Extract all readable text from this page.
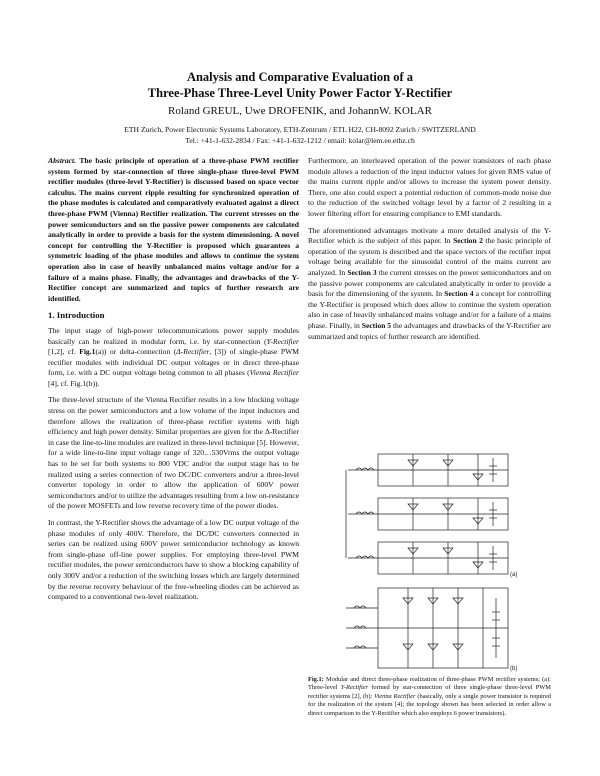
Analysis and Comparative Evaluation of a
Three-Phase Three-Level Unity Power Factor Y-Rectifier
Roland GREUL, Uwe DROFENIK, and JohannW. KOLAR
ETH Zurich, Power Electronic Systems Laboratory, ETH-Zentrum / ETL H22, CH-8092 Zurich / SWITZERLAND
Tel.: +41-1-632-2834 / Fax: +41-1-632-1212 / email: kolar@lem.ee.ethz.ch

Abstract. The basic principle of operation of a three-phase PWM rectifier system formed by star-connection of three single-phase three-level PWM rectifier modules (three-level Y-Rectifier) is discussed based on space vector calculus. The mains current ripple resulting for synchronized operation of the phase modules is calculated and comparatively evaluated against a direct three-phase PWM (Vienna) Rectifier realization. The current stresses on the power semiconductors and on the passive power components are calculated analytically in order to provide a basis for the system dimensioning. A novel concept for controlling the Y-Rectifier is proposed which guarantees a symmetric loading of the phase modules and allows to continue the system operation also in case of heavily unbalanced mains voltage and/or for a failure of a mains phase. Finally, the advantages and drawbacks of the Y-Rectifier concept are summarized and topics of further research are identified.

1. Introduction

The input stage of high-power telecommunications power supply modules basically can be realized in modular form, i.e. by star-connection (Y-Rectifier [1,2], cf. Fig.1(a)) or delta-connection (Δ-Rectifier, [3]) of single-phase PWM rectifier modules with individual DC output voltages or in direct three-phase form, i.e. with a DC output voltage being common to all phases (Vienna Rectifier [4], cf. Fig.1(b)).

The three-level structure of the Vienna Rectifier results in a low blocking voltage stress on the power semiconductors and a low volume of the input inductors and therefore allows the realization of three-phase rectifier systems with high efficiency and high power density. Similar properties are given for the Δ-Rectifier in case the line-to-line modules are realized in three-level technique [5]. However, for a wide line-to-line input voltage range of 320…530Vrms the output voltage has to be set for both systems to 800 VDC and/or the output stage has to be realized using a series connection of two DC/DC converters and/or a three-level converter topology in order to allow the application of 600V power semiconductors and/or to utilize the advantages resulting from a low on-resistance of the power MOSFETs and low reverse recovery time of the power diodes.

In contrast, the Y-Rectifier shows the advantage of a low DC output voltage of the phase modules of only 400V. Therefore, the DC/DC converters connected in series can be realized using 600V power semiconductor technology as known from single-phase off-line power supplies. For employing three-level PWM rectifier modules, the power semiconductors have to show a blocking capability of only 300V and/or a reduction of the switching losses which are largely determined by the reverse recovery behaviour of the free-wheeling diodes can be achieved as compared to a conventional two-level realization.

Furthermore, an interleaved operation of the power transistors of each phase module allows a reduction of the input inductor values for given RMS value of the mains current ripple and/or allows to increase the system power density. There, one also could expect a potential reduction of common-mode noise due to the reduction of the switched voltage level by a factor of 2 resulting in a lower filtering effort for ensuring compliance to EMI standards.

The aforementioned advantages motivate a more detailed analysis of the Y-Rectifier which is the subject of this paper. In Section 2 the basic principle of operation of the system is described and the space vectors of the rectifier input voltage being available for the sinusoidal control of the mains current are analyzed. In Section 3 the current stresses on the power semiconductors and on the passive power components are calculated analytically in order to provide a basis for the dimensioning of the system. In Section 4 a concept for controlling the Y-Rectifier is proposed which does allow to continue the system operation also in case of heavily unbalanced mains voltage and/or for a failure of a mains phase. Finally, in Section 5 the advantages and drawbacks of the Y-Rectifier are summarized and topics of further research are identified.

(a)
(b)
Fig.1: Modular and direct three-phase realization of three-phase PWM rectifier systems; (a): Three-level Y-Rectifier formed by star-connection of three single-phase three-level PWM rectifier systems [2], (b): Vienna Rectifier (basically, only a single power transistor is required for the realization of the system [4]; the topology shown has been selected in order allow a direct comparison to the Y-Rectifier which also employs 6 power transistors).
